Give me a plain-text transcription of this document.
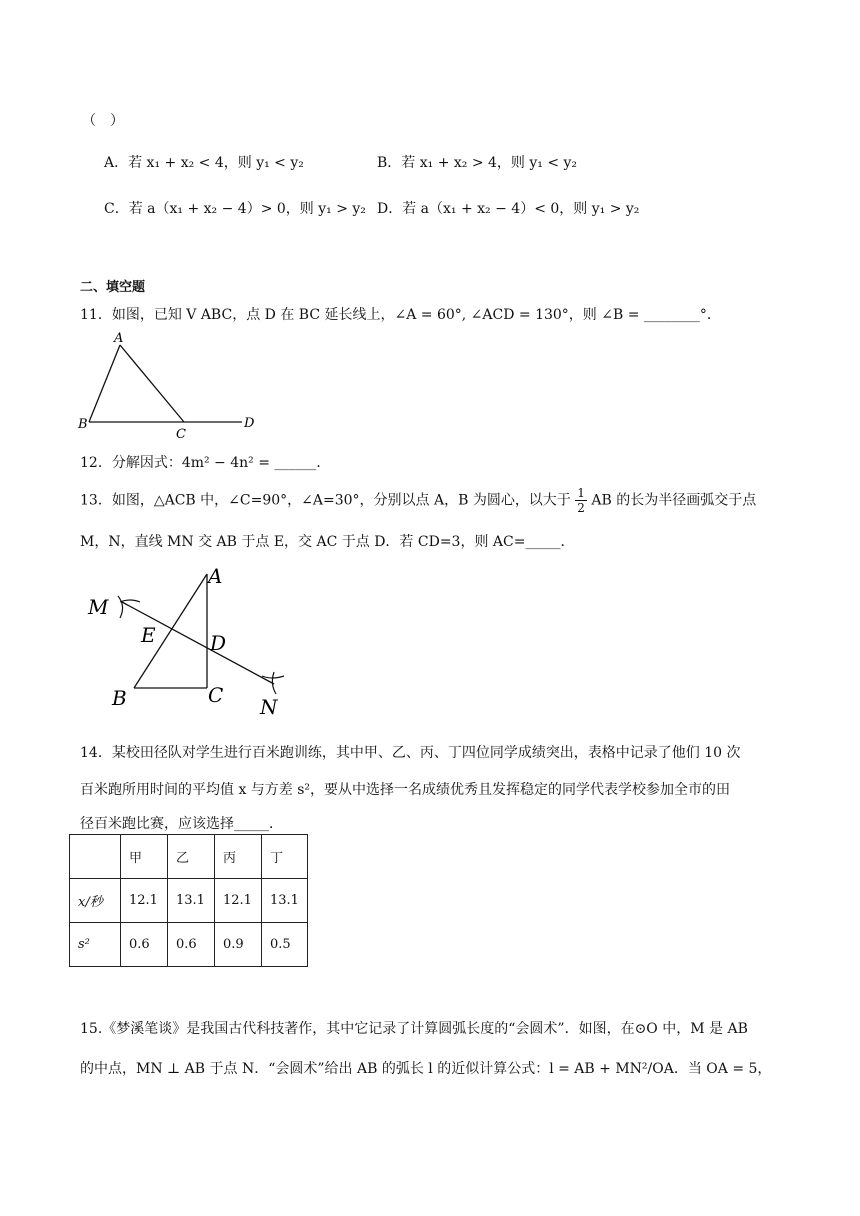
（　）
A．若 x₁ + x₂ < 4，则 y₁ < y₂	B．若 x₁ + x₂ > 4，则 y₁ < y₂
C．若 a（x₁ + x₂ − 4）> 0，则 y₁ > y₂ D．若 a（x₁ + x₂ − 4）< 0，则 y₁ > y₂
二、填空题
11．如图，已知 V ABC，点 D 在 BC 延长线上，∠A = 60°, ∠ACD = 130°，则 ∠B = ________°．
A
B
C
D
12．分解因式：4m² − 4n² = ______．
13．如图，△ACB 中，∠C=90°，∠A=30°，分别以点 A，B 为圆心，以大于 $\frac{1}{2}$ AB 的长为半径画弧交于点
M，N，直线 MN 交 AB 于点 E，交 AC 于点 D．若 CD=3，则 AC=_____．
M
A
E	D
B	C N
14．某校田径队对学生进行百米跑训练，其中甲、乙、丙、丁四位同学成绩突出，表格中记录了他们 10 次
百米跑所用时间的平均值 x 与方差 s²，要从中选择一名成绩优秀且发挥稳定的同学代表学校参加全市的田
径百米跑比赛，应该选择_____．
	甲	乙	丙	丁
x/秒	12.1	13.1	12.1	13.1
s²	0.6	0.6	0.9	0.5
15.《梦溪笔谈》是我国古代科技著作，其中它记录了计算圆弧长度的“会圆术”．如图，在⊙O 中，M 是 AB
的中点，MN ⊥ AB 于点 N．“会圆术”给出 AB 的弧长 l 的近似计算公式：l = AB + MN²/OA．当 OA = 5，
